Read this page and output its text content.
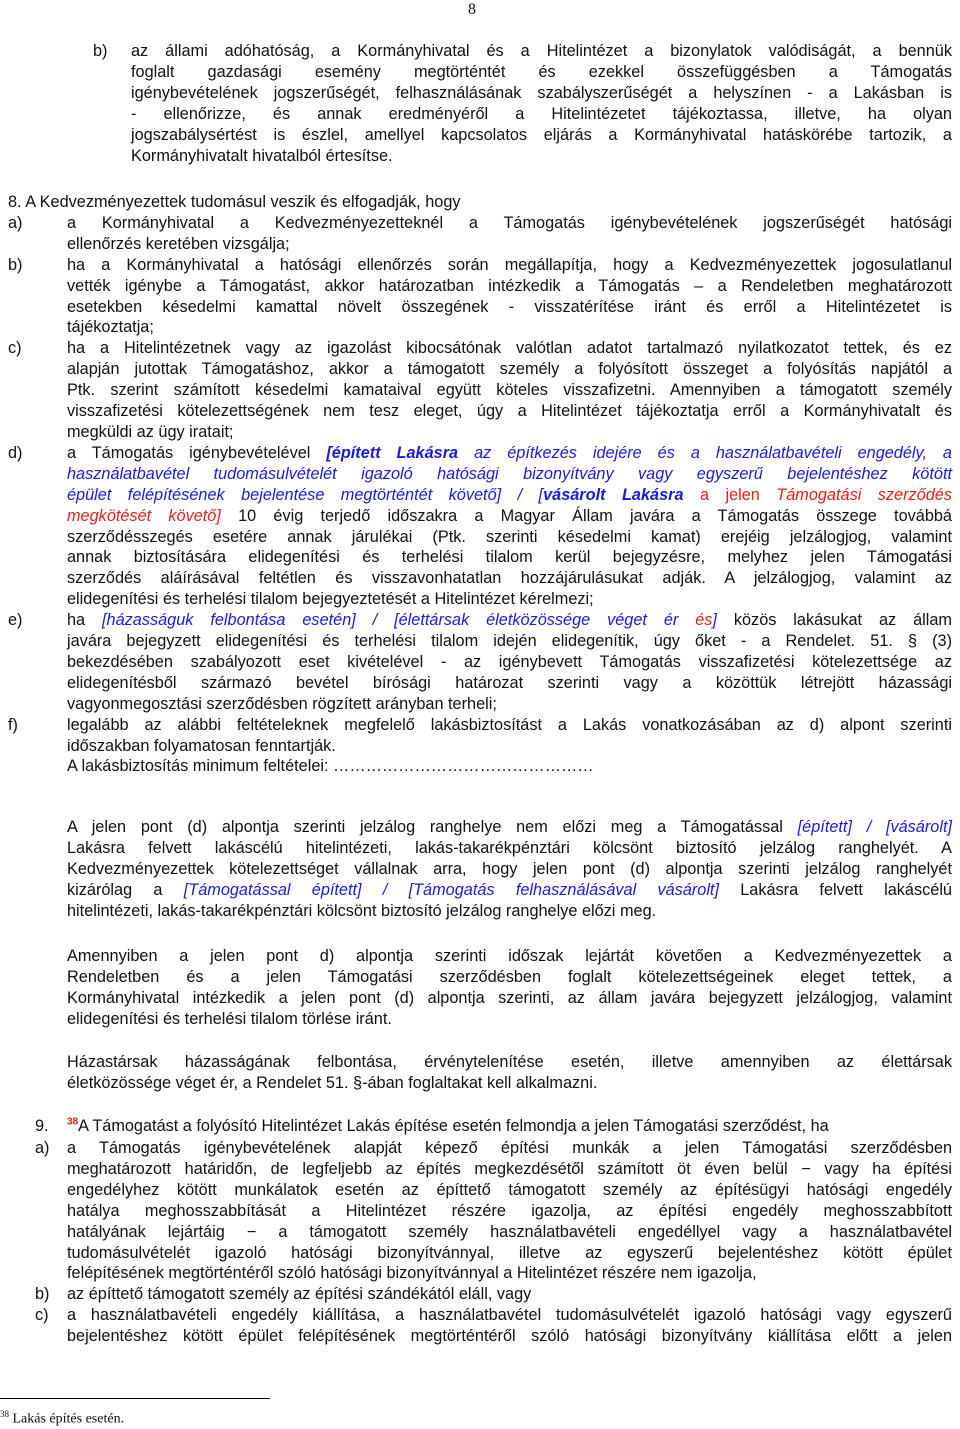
8
b) az állami adóhatóság, a Kormányhivatal és a Hitelintézet a bizonylatok valódiságát, a bennük
foglalt gazdasági esemény megtörténtét és ezekkel összefüggésben a Támogatás
igénybevételének jogszerűségét, felhasználásának szabályszerűségét a helyszínen - a Lakásban is
- ellenőrizze, és annak eredményéről a Hitelintézetet tájékoztassa, illetve, ha olyan
jogszabálysértést is észlel, amellyel kapcsolatos eljárás a Kormányhivatal hatáskörébe tartozik, a
Kormányhivatalt hivatalból értesítse.
8. A Kedvezményezettek tudomásul veszik és elfogadják, hogy
a)	a Kormányhivatal a Kedvezményezetteknél a Támogatás igénybevételének jogszerűségét hatósági
ellenőrzés keretében vizsgálja;
b)	ha a Kormányhivatal a hatósági ellenőrzés során megállapítja, hogy a Kedvezményezettek jogosulatlanul
vették igénybe a Támogatást, akkor határozatban intézkedik a Támogatás – a Rendeletben meghatározott
esetekben késedelmi kamattal növelt összegének - visszatérítése iránt és erről a Hitelintézetet is
tájékoztatja;
c)	ha a Hitelintézetnek vagy az igazolást kibocsátónak valótlan adatot tartalmazó nyilatkozatot tettek, és ez
alapján jutottak Támogatáshoz, akkor a támogatott személy a folyósított összeget a folyósítás napjától a
Ptk. szerint számított késedelmi kamataival együtt köteles visszafizetni. Amennyiben a támogatott személy
visszafizetési kötelezettségének nem tesz eleget, úgy a Hitelintézet tájékoztatja erről a Kormányhivatalt és
megküldi az ügy iratait;
d)	a Támogatás igénybevételével [épített Lakásra az építkezés idejére és a használatbavételi engedély, a
használatbavétel tudomásulvételét igazoló hatósági bizonyítvány vagy egyszerű bejelentéshez kötött
épület felépítésének bejelentése megtörténtét követő] / [vásárolt Lakásra a jelen Támogatási szerződés
megkötését követő] 10 évig terjedő időszakra a Magyar Állam javára a Támogatás összege továbbá
szerződésszegés esetére annak járulékai (Ptk. szerinti késedelmi kamat) erejéig jelzálogjog, valamint
annak biztosítására elidegenítési és terhelési tilalom kerül bejegyzésre, melyhez jelen Támogatási
szerződés aláírásával feltétlen és visszavonhatatlan hozzájárulásukat adják. A jelzálogjog, valamint az
elidegenítési és terhelési tilalom bejegyeztetését a Hitelintézet kérelmezi;
e)	ha [házasságuk felbontása esetén] / [élettársak életközössége véget ér és] közös lakásukat az állam
javára bejegyzett elidegenítési és terhelési tilalom idején elidegenítik, úgy őket - a Rendelet. 51. § (3)
bekezdésében szabályozott eset kivételével - az igénybevett Támogatás visszafizetési kötelezettsége az
elidegenítésből származó bevétel bírósági határozat szerinti vagy a közöttük létrejött házassági
vagyonmegosztási szerződésben rögzített arányban terheli;
f)	legalább az alábbi feltételeknek megfelelő lakásbiztosítást a Lakás vonatkozásában az d) alpont szerinti
időszakban folyamatosan fenntartják.
A lakásbiztosítás minimum feltételei: …………………………………………
A jelen pont (d) alpontja szerinti jelzálog ranghelye nem előzi meg a Támogatással [épített] / [vásárolt]
Lakásra felvett lakáscélú hitelintézeti, lakás-takarékpénztári kölcsönt biztosító jelzálog ranghelyét. A
Kedvezményezettek kötelezettséget vállalnak arra, hogy jelen pont (d) alpontja szerinti jelzálog ranghelyét
kizárólag a [Támogatással épített] / [Támogatás felhasználásával vásárolt] Lakásra felvett lakáscélú
hitelintézeti, lakás-takarékpénztári kölcsönt biztosító jelzálog ranghelye előzi meg.
Amennyiben a jelen pont d) alpontja szerinti időszak lejártát követően a Kedvezményezettek a
Rendeletben és a jelen Támogatási szerződésben foglalt kötelezettségeinek eleget tettek, a
Kormányhivatal intézkedik a jelen pont (d) alpontja szerinti, az állam javára bejegyzett jelzálogjog, valamint
elidegenítési és terhelési tilalom törlése iránt.
Házastársak házasságának felbontása, érvénytelenítése esetén, illetve amennyiben az élettársak
életközössége véget ér, a Rendelet 51. §-ában foglaltakat kell alkalmazni.
9. $^{38}$A Támogatást a folyósító Hitelintézet Lakás építése esetén felmondja a jelen Támogatási szerződést, ha
a) a Támogatás igénybevételének alapját képező építési munkák a jelen Támogatási szerződésben
meghatározott határidőn, de legfeljebb az építés megkezdésétől számított öt éven belül − vagy ha építési
engedélyhez kötött munkálatok esetén az építtető támogatott személy az építésügyi hatósági engedély
hatálya meghosszabbítását a Hitelintézet részére igazolja, az építési engedély meghosszabbított
hatályának lejártáig − a támogatott személy használatbavételi engedéllyel vagy a használatbavétel
tudomásulvételét igazoló hatósági bizonyítvánnyal, illetve az egyszerű bejelentéshez kötött épület
felépítésének megtörténtéről szóló hatósági bizonyítvánnyal a Hitelintézet részére nem igazolja,
b) az építtető támogatott személy az építési szándékától eláll, vagy
c) a használatbavételi engedély kiállítása, a használatbavétel tudomásulvételét igazoló hatósági vagy egyszerű
bejelentéshez kötött épület felépítésének megtörténtéről szóló hatósági bizonyítvány kiállítása előtt a jelen
$^{38}$ Lakás építés esetén.
